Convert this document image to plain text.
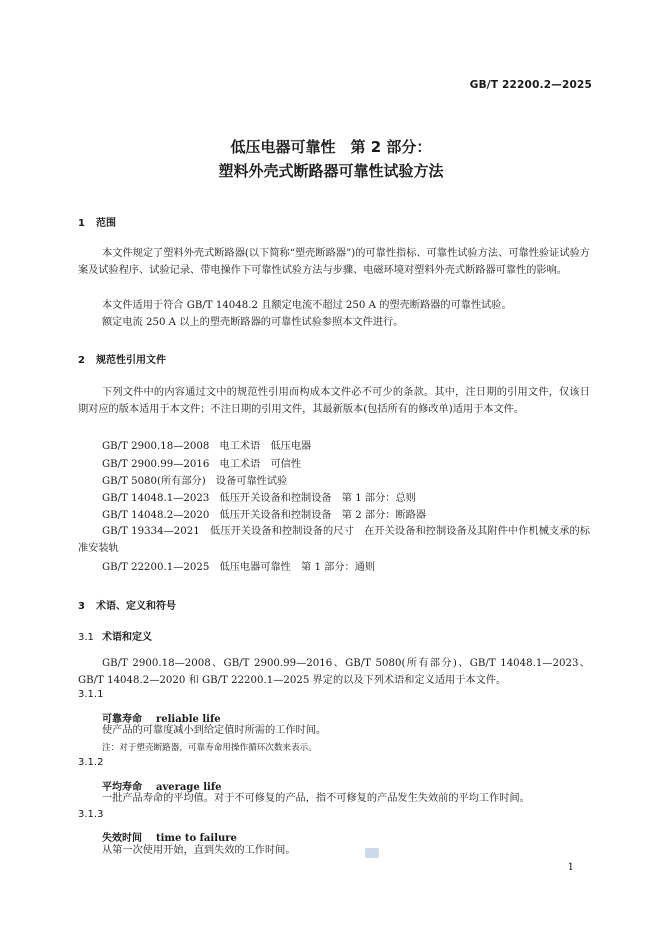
GB/T 22200.2—2025
低压电器可靠性　第 2 部分：
塑料外壳式断路器可靠性试验方法
1 范围
本文件规定了塑料外壳式断路器(以下简称“塑壳断路器”)的可靠性指标、可靠性试验方法、可靠性验证试验方案及试验程序、试验记录、带电操作下可靠性试验方法与步骤、电磁环境对塑料外壳式断路器可靠性的影响。
本文件适用于符合 GB/T 14048.2 且额定电流不超过 250 A 的塑壳断路器的可靠性试验。
额定电流 250 A 以上的塑壳断路器的可靠性试验参照本文件进行。
2 规范性引用文件
下列文件中的内容通过文中的规范性引用而构成本文件必不可少的条款。其中，注日期的引用文件，仅该日期对应的版本适用于本文件；不注日期的引用文件，其最新版本(包括所有的修改单)适用于本文件。
GB/T 2900.18—2008　电工术语　低压电器
GB/T 2900.99—2016　电工术语　可信性
GB/T 5080(所有部分)　设备可靠性试验
GB/T 14048.1—2023　低压开关设备和控制设备　第 1 部分：总则
GB/T 14048.2—2020　低压开关设备和控制设备　第 2 部分：断路器
GB/T 19334—2021　低压开关设备和控制设备的尺寸　在开关设备和控制设备及其附件中作机械支承的标准安装轨
GB/T 22200.1—2025　低压电器可靠性　第 1 部分：通则
3 术语、定义和符号
3.1 术语和定义
GB/T 2900.18—2008、GB/T 2900.99—2016、GB/T 5080(所有部分)、GB/T 14048.1—2023、GB/T 14048.2—2020 和 GB/T 22200.1—2025 界定的以及下列术语和定义适用于本文件。
3.1.1
可靠寿命 reliable life
使产品的可靠度减小到给定值时所需的工作时间。
注：对于塑壳断路器，可靠寿命用操作循环次数来表示。
3.1.2
平均寿命 average life
一批产品寿命的平均值。对于不可修复的产品，指不可修复的产品发生失效前的平均工作时间。
3.1.3
失效时间 time to failure
从第一次使用开始，直到失效的工作时间。
1
